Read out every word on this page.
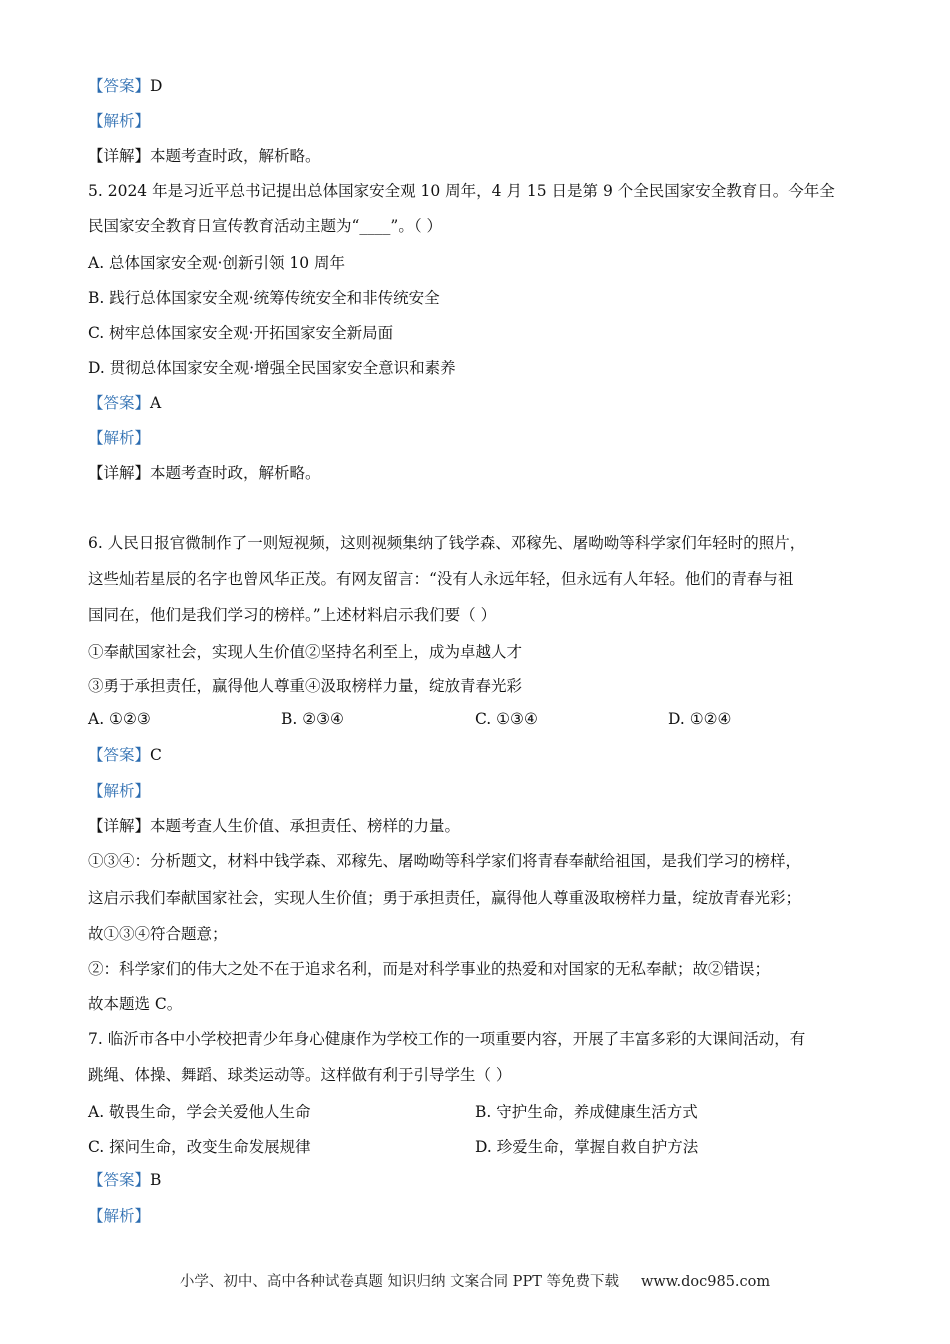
【答案】D
【解析】
【详解】本题考查时政，解析略。
5. 2024 年是习近平总书记提出总体国家安全观 10 周年，4 月 15 日是第 9 个全民国家安全教育日。今年全
民国家安全教育日宣传教育活动主题为“____”。（ ）
A. 总体国家安全观·创新引领 10 周年
B. 践行总体国家安全观·统筹传统安全和非传统安全
C. 树牢总体国家安全观·开拓国家安全新局面
D. 贯彻总体国家安全观·增强全民国家安全意识和素养
【答案】A
【解析】
【详解】本题考查时政，解析略。
6. 人民日报官微制作了一则短视频，这则视频集纳了钱学森、邓稼先、屠呦呦等科学家们年轻时的照片，
这些灿若星辰的名字也曾风华正茂。有网友留言：“没有人永远年轻，但永远有人年轻。他们的青春与祖
国同在，他们是我们学习的榜样。”上述材料启示我们要（ ）
①奉献国家社会，实现人生价值②坚持名利至上，成为卓越人才
③勇于承担责任，赢得他人尊重④汲取榜样力量，绽放青春光彩
A. ①②③	B. ②③④	C. ①③④	D. ①②④
【答案】C
【解析】
【详解】本题考查人生价值、承担责任、榜样的力量。
①③④：分析题文，材料中钱学森、邓稼先、屠呦呦等科学家们将青春奉献给祖国，是我们学习的榜样，
这启示我们奉献国家社会，实现人生价值；勇于承担责任，赢得他人尊重汲取榜样力量，绽放青春光彩；
故①③④符合题意；
②：科学家们的伟大之处不在于追求名利，而是对科学事业的热爱和对国家的无私奉献；故②错误；
故本题选 C。
7. 临沂市各中小学校把青少年身心健康作为学校工作的一项重要内容，开展了丰富多彩的大课间活动，有
跳绳、体操、舞蹈、球类运动等。这样做有利于引导学生（ ）
A. 敬畏生命，学会关爱他人生命	B. 守护生命，养成健康生活方式
C. 探问生命，改变生命发展规律	D. 珍爱生命，掌握自救自护方法
【答案】B
【解析】
小学、初中、高中各种试卷真题 知识归纳 文案合同 PPT 等免费下载 www.doc985.com
